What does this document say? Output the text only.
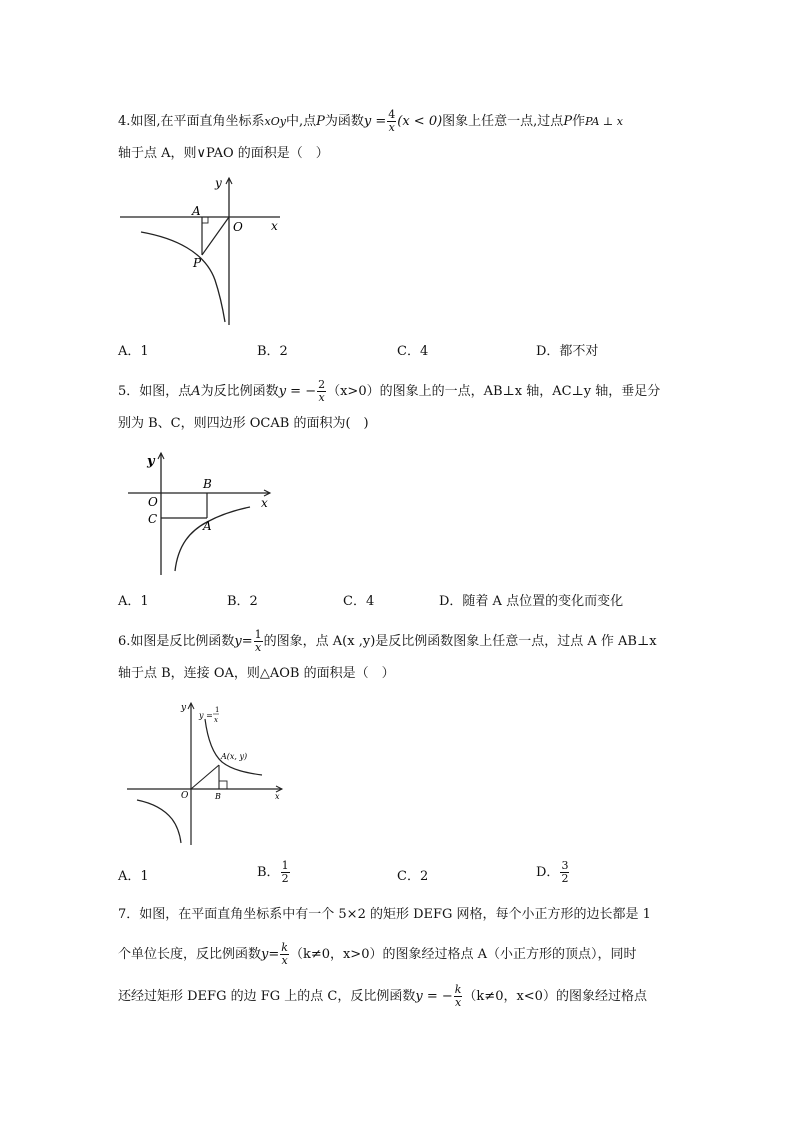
4.如图,在平面直角坐标系xOy中,点P为函数$y = \frac{4}{x} (x < 0)$图象上任意一点,过点P作PA ⊥ x
轴于点 A，则∨PAO 的面积是（　）
y
A
O x
P
A．1	B．2	C．4	D．都不对
5．如图，点A为反比例函数y = − $\frac{2}{x} (x>0)$的图象上的一点，AB⊥x 轴，AC⊥y 轴，垂足分
别为 B、C，则四边形 OCAB 的面积为(　)
y
B
O	x
C	A
A．1	B．2	C．4	D．随着 A 点位置的变化而变化
6.如图是反比例函数$y= \frac{1}{x}$ 的图象，点 A(x ,y)是反比例函数图象上任意一点，过点 A 作 AB⊥x
轴于点 B，连接 OA，则△AOB 的面积是（　）
y
y =
1
x
A(x, y)
O	B	x
A．1	B． $\frac{1}{2}$	C．2	D． $\frac{3}{2}$
7．如图，在平面直角坐标系中有一个 5×2 的矩形 DEFG 网格，每个小正方形的边长都是 1
个单位长度，反比例函数$y= \frac{k}{x} (k\ne 0$，x>0）的图象经过格点 A（小正方形的顶点），同时
还经过矩形 DEFG 的边 FG 上的点 C，反比例函数y = − $\frac{k}{x} (k\ne 0$，x<0）的图象经过格点
